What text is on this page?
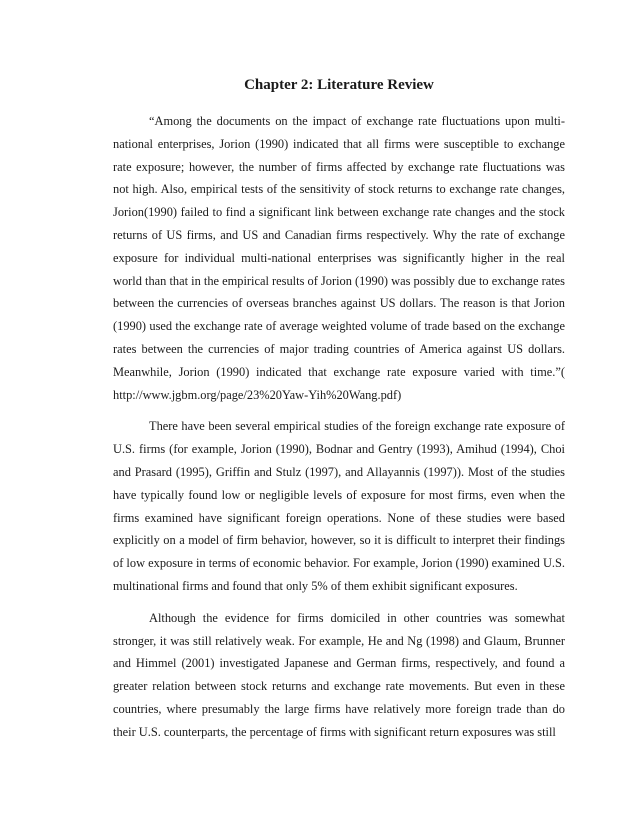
Chapter 2: Literature Review

“Among the documents on the impact of exchange rate fluctuations upon multi-national enterprises, Jorion (1990) indicated that all firms were susceptible to exchange rate exposure; however, the number of firms affected by exchange rate fluctuations was not high. Also, empirical tests of the sensitivity of stock returns to exchange rate changes, Jorion(1990) failed to find a significant link between exchange rate changes and the stock returns of US firms, and US and Canadian firms respectively. Why the rate of exchange exposure for individual multi-national enterprises was significantly higher in the real world than that in the empirical results of Jorion (1990) was possibly due to exchange rates between the currencies of overseas branches against US dollars. The reason is that Jorion (1990) used the exchange rate of average weighted volume of trade based on the exchange rates between the currencies of major trading countries of America against US dollars. Meanwhile, Jorion (1990) indicated that exchange rate exposure varied with time.”( http://www.jgbm.org/page/23%20Yaw-Yih%20Wang.pdf)

There have been several empirical studies of the foreign exchange rate exposure of U.S. firms (for example, Jorion (1990), Bodnar and Gentry (1993), Amihud (1994), Choi and Prasard (1995), Griffin and Stulz (1997), and Allayannis (1997)). Most of the studies have typically found low or negligible levels of exposure for most firms, even when the firms examined have significant foreign operations. None of these studies were based explicitly on a model of firm behavior, however, so it is difficult to interpret their findings of low exposure in terms of economic behavior. For example, Jorion (1990) examined U.S. multinational firms and found that only 5% of them exhibit significant exposures.

Although the evidence for firms domiciled in other countries was somewhat stronger, it was still relatively weak. For example, He and Ng (1998) and Glaum, Brunner and Himmel (2001) investigated Japanese and German firms, respectively, and found a greater relation between stock returns and exchange rate movements. But even in these countries, where presumably the large firms have relatively more foreign trade than do their U.S. counterparts, the percentage of firms with significant return exposures was still
